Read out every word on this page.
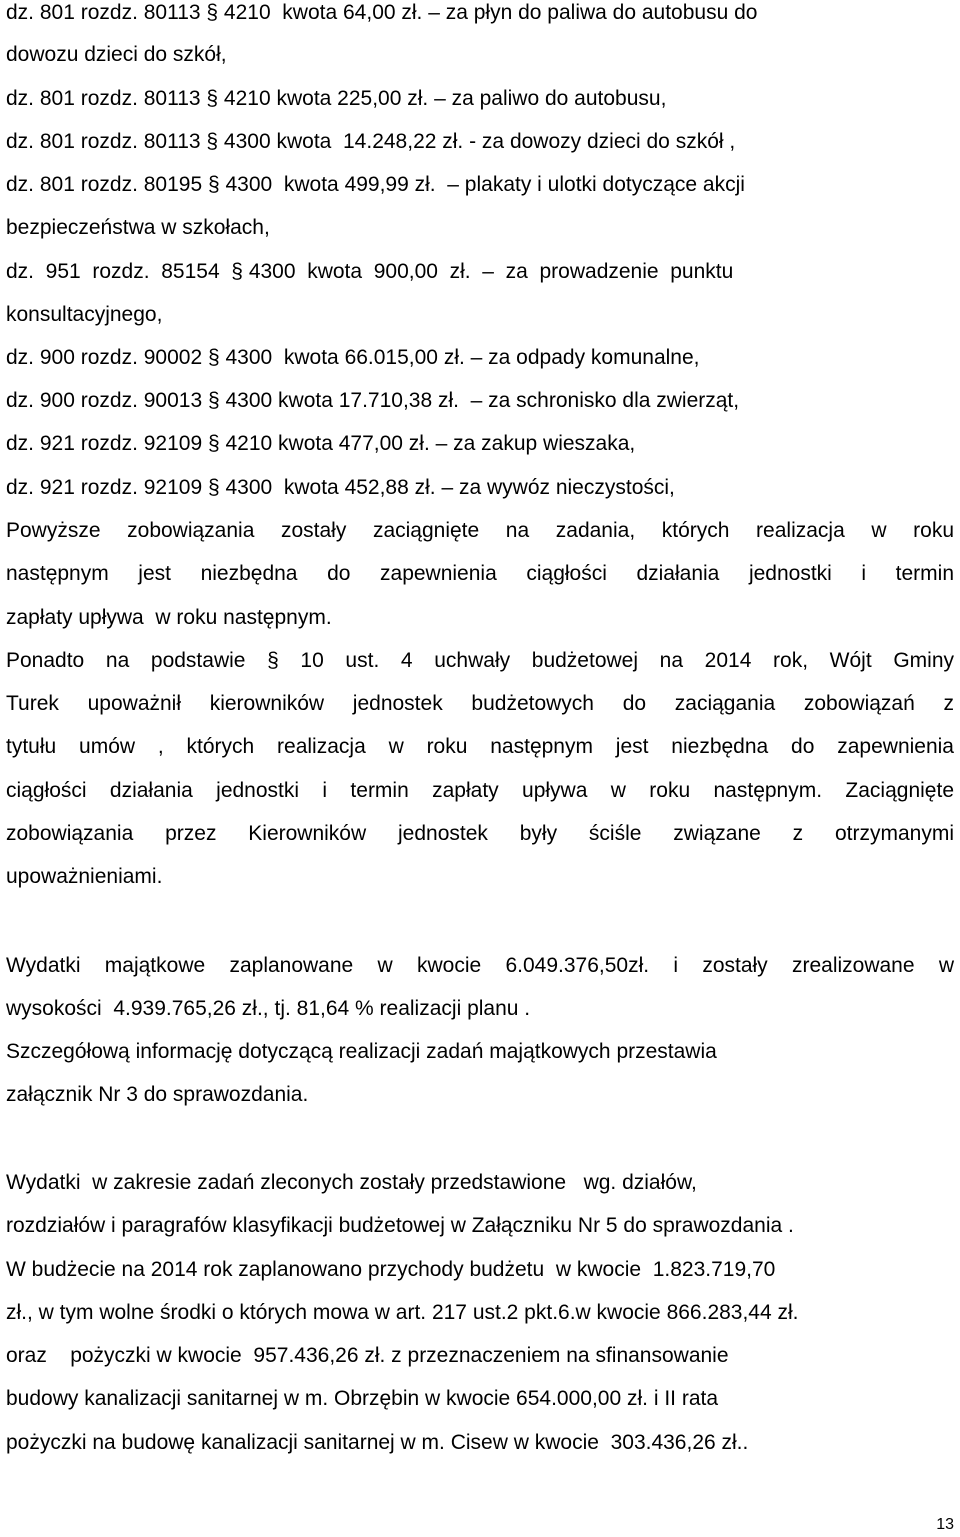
dz. 801 rozdz. 80113 § 4210  kwota 64,00 zł. – za płyn do paliwa do autobusu do
dowozu dzieci do szkół,
dz. 801 rozdz. 80113 § 4210 kwota 225,00 zł. – za paliwo do autobusu,
dz. 801 rozdz. 80113 § 4300 kwota  14.248,22 zł. - za dowozy dzieci do szkół ,
dz. 801 rozdz. 80195 § 4300  kwota 499,99 zł.  – plakaty i ulotki dotyczące akcji
bezpieczeństwa w szkołach,
dz.  951  rozdz.  85154  § 4300  kwota  900,00  zł.  –  za  prowadzenie  punktu
konsultacyjnego,
dz. 900 rozdz. 90002 § 4300  kwota 66.015,00 zł. – za odpady komunalne,
dz. 900 rozdz. 90013 § 4300 kwota 17.710,38 zł.  – za schronisko dla zwierząt,
dz. 921 rozdz. 92109 § 4210 kwota 477,00 zł. – za zakup wieszaka,
dz. 921 rozdz. 92109 § 4300  kwota 452,88 zł. – za wywóz nieczystości,
Powyższe zobowiązania zostały zaciągnięte na zadania, których realizacja w roku
następnym jest niezbędna do zapewnienia ciągłości działania jednostki i termin
zapłaty upływa  w roku następnym.
Ponadto na podstawie § 10 ust. 4 uchwały budżetowej na 2014 rok, Wójt Gminy
Turek upoważnił kierowników jednostek budżetowych do zaciągania zobowiązań z
tytułu umów , których realizacja w roku następnym jest niezbędna do zapewnienia
ciągłości działania jednostki i termin zapłaty upływa w roku następnym. Zaciągnięte
zobowiązania przez Kierowników jednostek były ściśle związane z otrzymanymi
upoważnieniami.
Wydatki majątkowe zaplanowane w kwocie 6.049.376,50zł. i zostały zrealizowane w
wysokości  4.939.765,26 zł., tj. 81,64 % realizacji planu .
Szczegółową informację dotyczącą realizacji zadań majątkowych przestawia
załącznik Nr 3 do sprawozdania.
Wydatki  w zakresie zadań zleconych zostały przedstawione   wg. działów,
rozdziałów i paragrafów klasyfikacji budżetowej w Załączniku Nr 5 do sprawozdania .
W budżecie na 2014 rok zaplanowano przychody budżetu  w kwocie  1.823.719,70
zł., w tym wolne środki o których mowa w art. 217 ust.2 pkt.6.w kwocie 866.283,44 zł.
oraz    pożyczki w kwocie  957.436,26 zł. z przeznaczeniem na sfinansowanie
budowy kanalizacji sanitarnej w m. Obrzębin w kwocie 654.000,00 zł. i II rata
pożyczki na budowę kanalizacji sanitarnej w m. Cisew w kwocie  303.436,26 zł..
13
